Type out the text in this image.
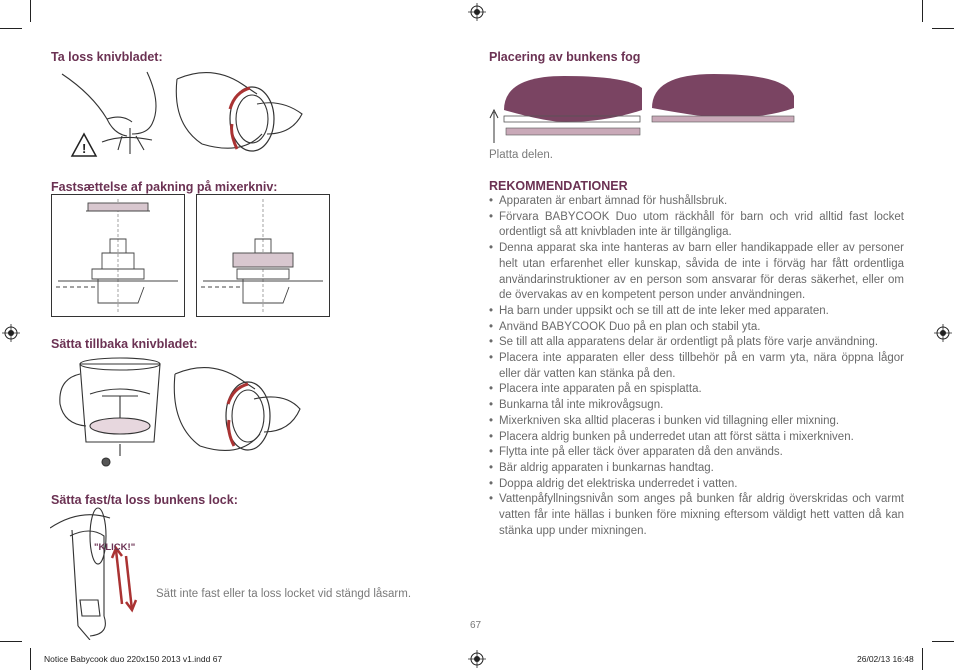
Ta loss knivbladet:
!
Fastsættelse af pakning på mixerkniv:
Sätta tillbaka knivbladet:
Sätta fast/ta loss bunkens lock:
"KLICK!"
Sätt inte fast eller ta loss locket vid stängd låsarm.
Placering av bunkens fog
Platta delen.
REKOMMENDATIONER
• Apparaten är enbart ämnad för hushållsbruk.
• Förvara BABYCOOK Duo utom räckhåll för barn och vrid alltid fast locket ordentligt så att knivbladen inte är tillgängliga.
• Denna apparat ska inte hanteras av barn eller handikappade eller av personer helt utan erfarenhet eller kunskap, såvida de inte i förväg har fått ordentliga användarinstruktioner av en person som ansvarar för deras säkerhet, eller om de övervakas av en kompetent person under användningen.
• Ha barn under uppsikt och se till att de inte leker med apparaten.
• Använd BABYCOOK Duo på en plan och stabil yta.
• Se till att alla apparatens delar är ordentligt på plats före varje användning.
• Placera inte apparaten eller dess tillbehör på en varm yta, nära öppna lågor eller där vatten kan stänka på den.
• Placera inte apparaten på en spisplatta.
• Bunkarna tål inte mikrovågsugn.
• Mixerkniven ska alltid placeras i bunken vid tillagning eller mixning.
• Placera aldrig bunken på underredet utan att först sätta i mixerkniven.
• Flytta inte på eller täck över apparaten då den används.
• Bär aldrig apparaten i bunkarnas handtag.
• Doppa aldrig det elektriska underredet i vatten.
• Vattenpåfyllningsnivån som anges på bunken får aldrig överskridas och varmt vatten får inte hällas i bunken före mixning eftersom väldigt hett vatten då kan stänka upp under mixningen.
67
Notice Babycook duo 220x150 2013 v1.indd 67	26/02/13 16:48
